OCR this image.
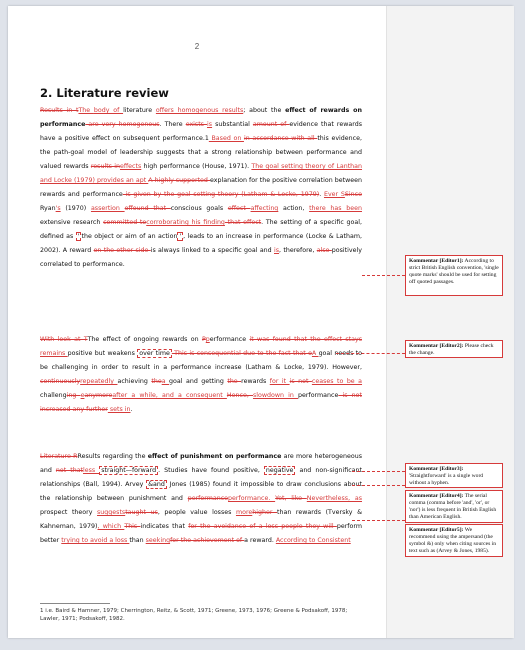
2
2. Literature review
Results in tThe body of literature offers homogenous results; about the effect of rewards on performance are very homogenous. There exists is substantial amount of evidence that rewards have a positive effect on subsequent performance.1 Based on in accordance with all this evidence, the path-goal model of leadership suggests that a strong relationship between performance and valued rewards results ineffects high performance (House, 1971). The goal setting theory of Lanthan and Locke (1979) provides an apt A highly supported explanation for the positive correlation between rewards and performance is given by the goal setting theory (Latham & Locke, 1979). Ever SSince Ryan's (1970) assertion offound that conscious goals effect affecting action, there has been extensive research committed tocorroborating his finding that effect. The setting of a specific goal, defined as ' the object or aim of an action ' , leads to an increase in performance (Locke & Latham, 2002). A reward on the other side is always linked to a specific goal and is, therefore, also positively correlated to performance.
With look at TThe effect of ongoing rewards on Pperformance it was found that the effect stays remains positive but weakens over time This is consequential due to the fact that oA goal needs to be challenging in order to result in a performance increase (Latham & Locke, 1979). However, continuouslyrepeatedly achieving thea goal and getting the rewards for it is not ceases to be a challenging eanymoreafter a while, and a consequent Hence, slowdown in performance is not increased any further sets in.
Literature RResults regarding the effect of punishment on performance are more heterogeneous and not thatless straight—forward . Studies have found positive, negative and non-significant relationships (Ball, 1994). Arvey &and Jones (1985) found it impossible to draw conclusions about the relationship between punishment and performanceperformance. Yet, like Nevertheless, as prospect theory suggeststaught us, people value losses morehigher than rewards (Tversky & Kahneman, 1979), which This indicates that for the avoidance of a loss people they will perform better trying to avoid a loss than seekingfor the achievement of a reward. According to Consistent
1 i.e. Baird & Hamner, 1979; Cherrington, Reitz, & Scott, 1971; Greene, 1973, 1976; Greene & Podsakoff, 1978; Lawler, 1971; Podsakoff, 1982.
Kommentar [Editor1]: According to strict British English convention, 'single quote marks' should be used for setting off quoted passages.
Kommentar [Editor2]: Please check the change.
Kommentar [Editor3]: 'Straightforward' is a single word without a hyphen.
Kommentar [Editor4]: The serial comma (comma before 'and', 'or', or 'nor') is less frequent in British English than American English.
Kommentar [Editor5]: We recommend using the ampersand (the symbol &) only when citing sources in text such as (Arvey & Jones, 1985).
